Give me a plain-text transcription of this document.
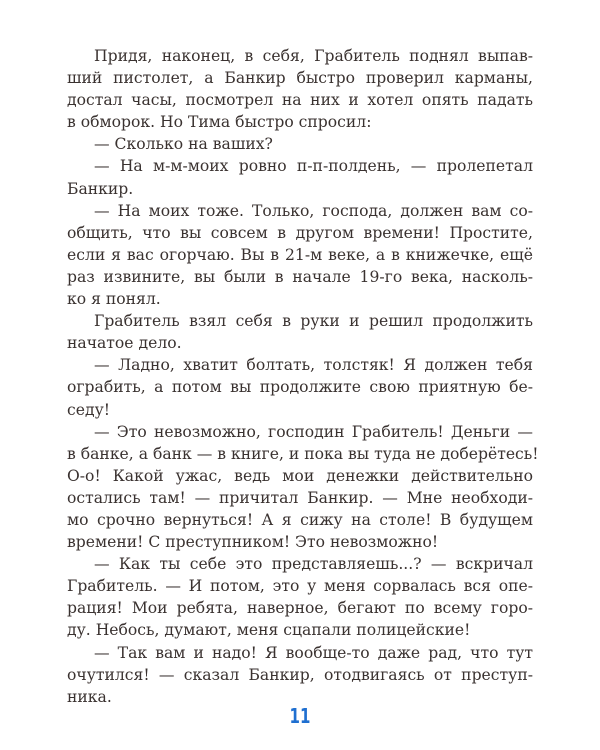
Придя, наконец, в себя, Грабитель поднял выпав-
ший пистолет, а Банкир быстро проверил карманы,
достал часы, посмотрел на них и хотел опять падать
в обморок. Но Тима быстро спросил:
— Сколько на ваших?
— На м-м-моих ровно п-п-полдень, — пролепетал
Банкир.
— На моих тоже. Только, господа, должен вам со-
общить, что вы совсем в другом времени! Простите,
если я вас огорчаю. Вы в 21-м веке, а в книжечке, ещё
раз извините, вы были в начале 19-го века, насколь-
ко я понял.
Грабитель взял себя в руки и решил продолжить
начатое дело.
— Ладно, хватит болтать, толстяк! Я должен тебя
ограбить, а потом вы продолжите свою приятную бе-
седу!
— Это невозможно, господин Грабитель! Деньги —
в банке, а банк — в книге, и пока вы туда не доберётесь!
О-о! Какой ужас, ведь мои денежки действительно
остались там! — причитал Банкир. — Мне необходи-
мо срочно вернуться! А я сижу на столе! В будущем
времени! С преступником! Это невозможно!
— Как ты себе это представляешь...? — вскричал
Грабитель. — И потом, это у меня сорвалась вся опе-
рация! Мои ребята, наверное, бегают по всему горо-
ду. Небось, думают, меня сцапали полицейские!
— Так вам и надо! Я вообще-то даже рад, что тут
очутился! — сказал Банкир, отодвигаясь от преступ-
ника.
11
